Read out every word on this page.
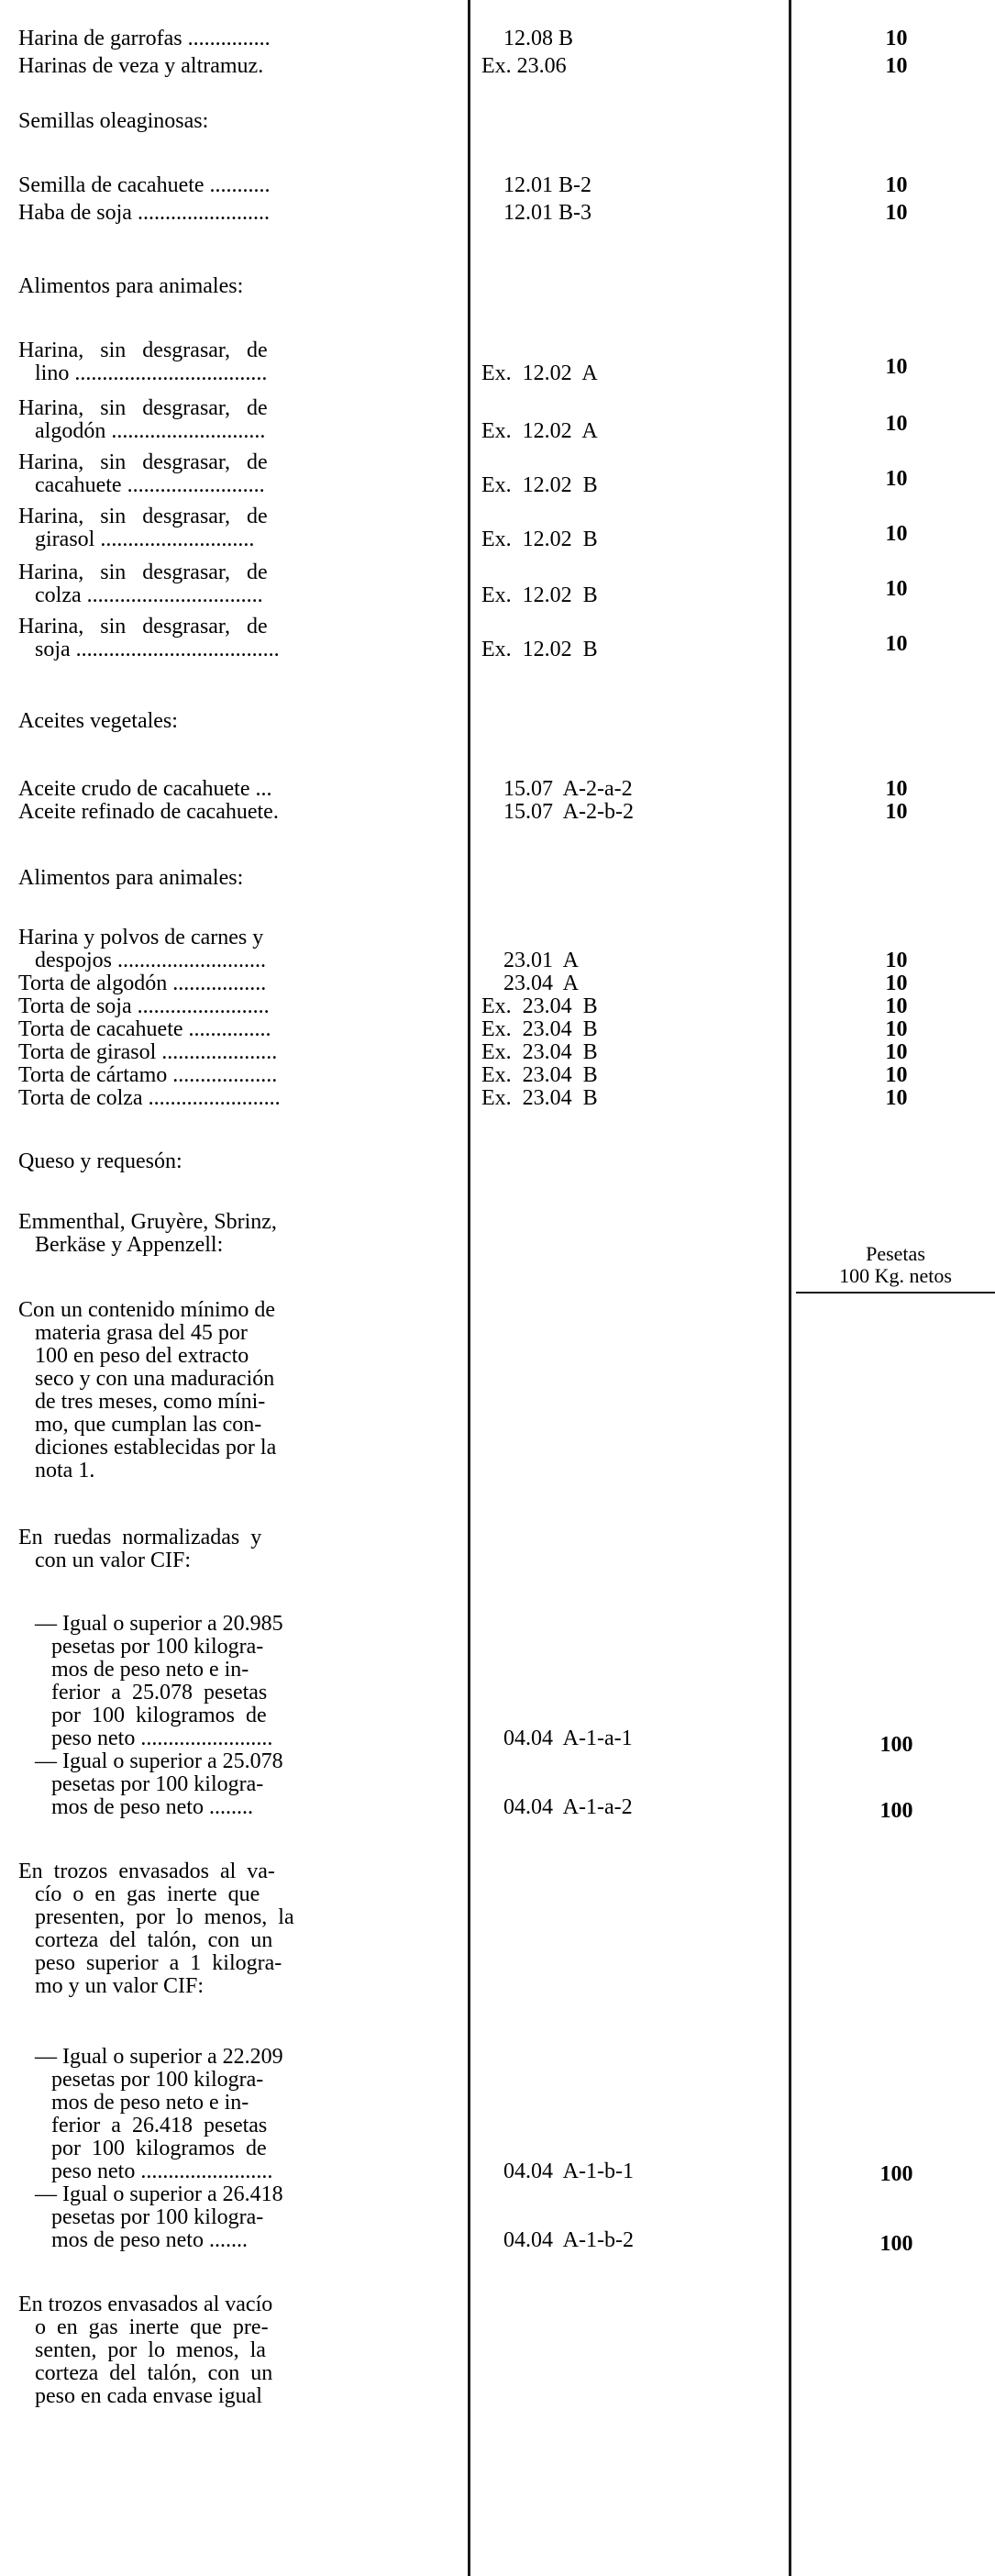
Pesetas
100 Kg. netos
Harina de garrofas ...............	12.08 B	10
Harinas de veza y altramuz.	Ex. 23.06	10
Semillas oleaginosas:
Semilla de cacahuete ...........	12.01 B-2	10
Haba de soja ........................	12.01 B-3	10
Alimentos para animales:
Harina,   sin   desgrasar,   de
lino ...................................	Ex.  12.02  A	10
Harina,   sin   desgrasar,   de
algodón ............................	Ex.  12.02  A	10
Harina,   sin   desgrasar,   de
cacahuete .........................	Ex.  12.02  B	10
Harina,   sin   desgrasar,   de
girasol ............................	Ex.  12.02  B	10
Harina,   sin   desgrasar,   de
colza ................................	Ex.  12.02  B	10
Harina,   sin   desgrasar,   de
soja .....................................	Ex.  12.02  B	10
Aceites vegetales:
Aceite crudo de cacahuete ...	15.07  A-2-a-2	10
Aceite refinado de cacahuete.	15.07  A-2-b-2	10
Alimentos para animales:
Harina y polvos de carnes y
despojos ...........................	23.01  A	10
Torta de algodón .................	23.04  A	10
Torta de soja ........................	Ex.  23.04  B	10
Torta de cacahuete ...............	Ex.  23.04  B	10
Torta de girasol .....................	Ex.  23.04  B	10
Torta de cártamo ...................	Ex.  23.04  B	10
Torta de colza ........................	Ex.  23.04  B	10
Queso y requesón:
Emmenthal, Gruyère, Sbrinz,
Berkäse y Appenzell:
Con un contenido mínimo de
materia grasa del 45 por
100 en peso del extracto
seco y con una maduración
de tres meses, como míni-
mo, que cumplan las con-
diciones establecidas por la
nota 1.
En  ruedas  normalizadas  y
con un valor CIF:
— Igual o superior a 20.985
pesetas por 100 kilogra-
mos de peso neto e in-
ferior  a  25.078  pesetas
por  100  kilogramos  de
peso neto ........................	04.04  A-1-a-1	100
— Igual o superior a 25.078
pesetas por 100 kilogra-
mos de peso neto ........	04.04  A-1-a-2	100
En  trozos  envasados  al  va-
cío  o  en  gas  inerte  que
presenten,  por  lo  menos,  la
corteza  del  talón,  con  un
peso  superior  a  1  kilogra-
mo y un valor CIF:
— Igual o superior a 22.209
pesetas por 100 kilogra-
mos de peso neto e in-
ferior  a  26.418  pesetas
por  100  kilogramos  de
peso neto ........................	04.04  A-1-b-1	100
— Igual o superior a 26.418
pesetas por 100 kilogra-
mos de peso neto .......	04.04  A-1-b-2	100
En trozos envasados al vacío
o  en  gas  inerte  que  pre-
senten,  por  lo  menos,  la
corteza  del  talón,  con  un
peso en cada envase igual
